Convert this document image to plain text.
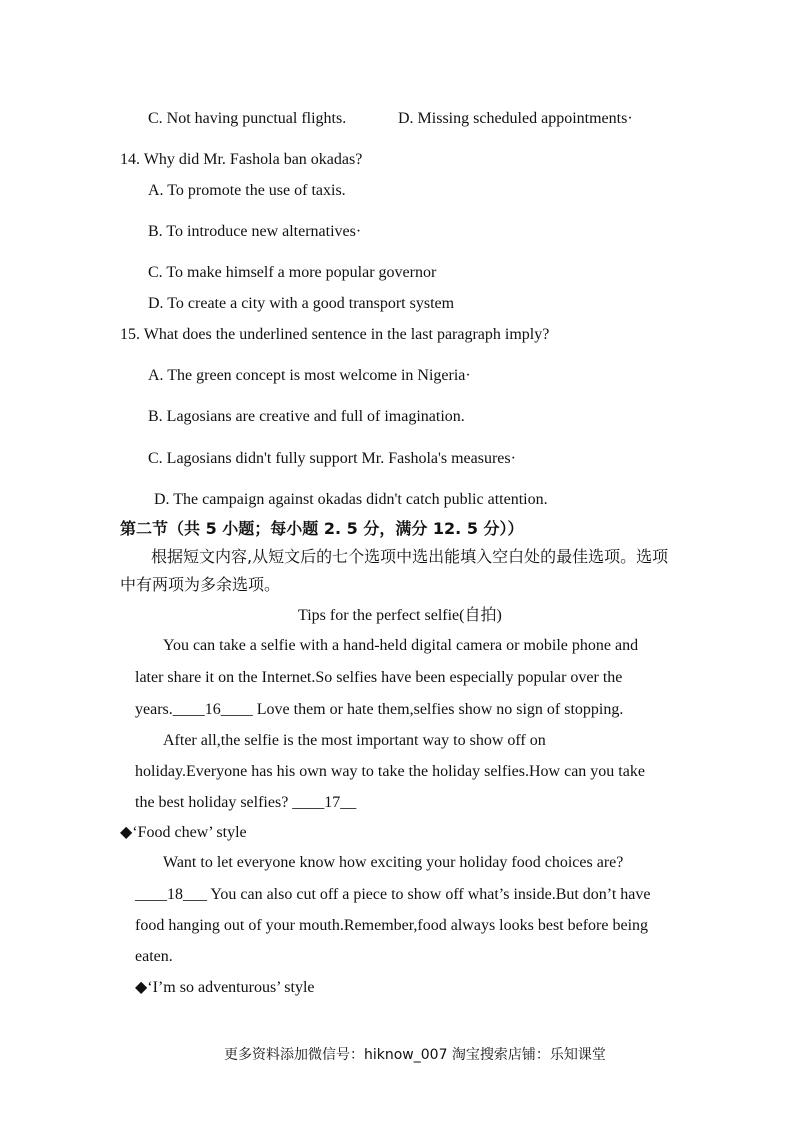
C. Not having punctual flights.	D. Missing scheduled appointments·
14. Why did Mr. Fashola ban okadas?
A. To promote the use of taxis.
B. To introduce new alternatives·
C. To make himself a more popular governor
D. To create a city with a good transport system
15. What does the underlined sentence in the last paragraph imply?
A. The green concept is most welcome in Nigeria·
B. Lagosians are creative and full of imagination.
C. Lagosians didn't fully support Mr. Fashola's measures·
D. The campaign against okadas didn't catch public attention.
第二节（共 5 小题；每小题 2. 5 分，满分 12. 5 分））
根据短文内容,从短文后的七个选项中选出能填入空白处的最佳选项。选项
中有两项为多余选项。
Tips for the perfect selfie(自拍)
You can take a selfie with a hand-held digital camera or mobile phone and
later share it on the Internet.So selfies have been especially popular over the
years.____16____ Love them or hate them,selfies show no sign of stopping.
After all,the selfie is the most important way to show off on
holiday.Everyone has his own way to take the holiday selfies.How can you take
the best holiday selfies? ____17__
◆‘Food chew’ style
Want to let everyone know how exciting your holiday food choices are?
____18___ You can also cut off a piece to show off what’s inside.But don’t have
food hanging out of your mouth.Remember,food always looks best before being
eaten.
◆‘I’m so adventurous’ style
更多资料添加微信号：hiknow_007 淘宝搜索店铺：乐知课堂
